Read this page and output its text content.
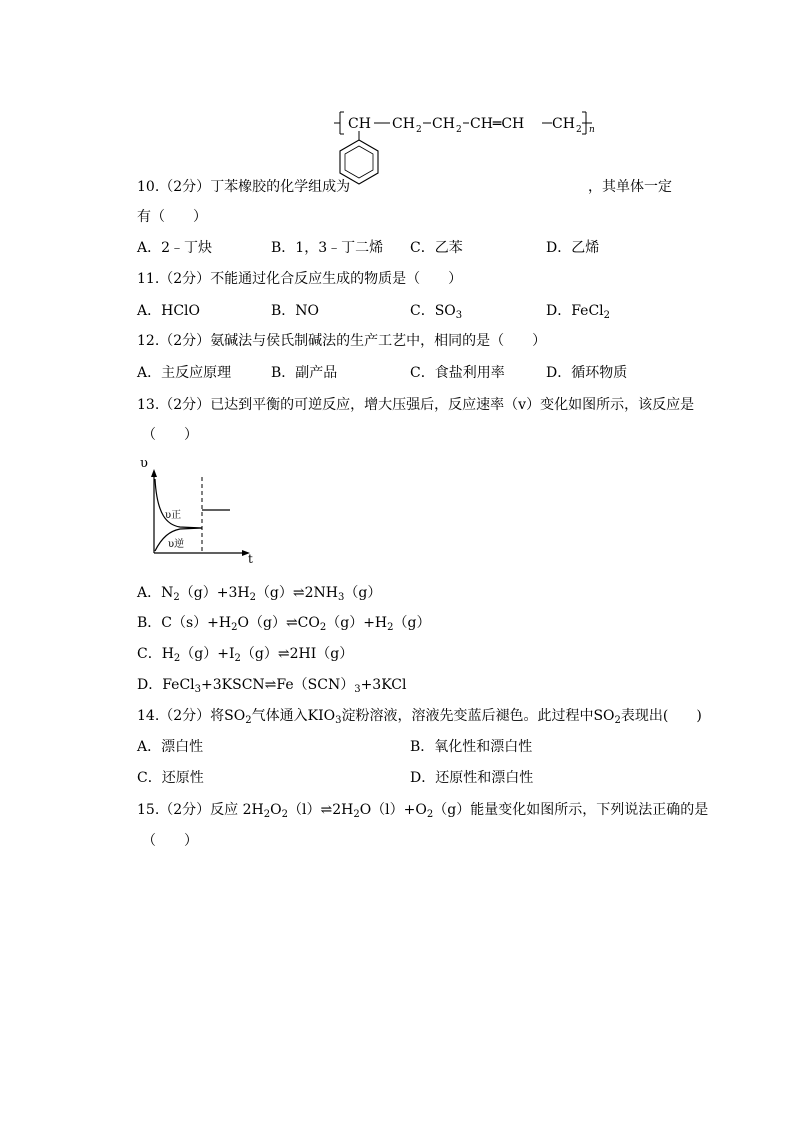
CH CH 2 CH 2 CH═CH CH 2 n
10.（2分）丁苯橡胶的化学组成为	，其单体一定
有（　　）
A．2﹣丁炔	B．1，3﹣丁二烯 C．乙苯	D．乙烯
11.（2分）不能通过化合反应生成的物质是（　　）
A．HClO	B．NO	C．$SO_3$	D．FeCl$_2$
12.（2分）氨碱法与侯氏制碱法的生产工艺中，相同的是（　　）
A．主反应原理	B．副产品	C．食盐利用率	D．循环物质
13.（2分）已达到平衡的可逆反应，增大压强后，反应速率（v）变化如图所示，该反应是
（　　）
υ
t
υ正
υ逆
A．$N_2(g)+3H_2(g)\rightleftharpoons 2NH_3(g)$
B．$C(s)+H_2O(g)\rightleftharpoons CO_2(g)+H_2(g)$
C．$H_2(g)+I_2(g)\rightleftharpoons 2HI(g)$
D．$FeCl_3+3KSCN\rightleftharpoons Fe(SCN)_3+3KCl$
14.（2分）将$SO_2$气体通入$KIO_3$淀粉溶液，溶液先变蓝后褪色。此过程中$SO_2$表现出(　　)
A．漂白性	B．氧化性和漂白性
C．还原性	D．还原性和漂白性
15.（2分）反应 $2H_2O_2(l)\rightleftharpoons 2H_2O(l)+O_2(g)$能量变化如图所示，下列说法正确的是
（　　）
